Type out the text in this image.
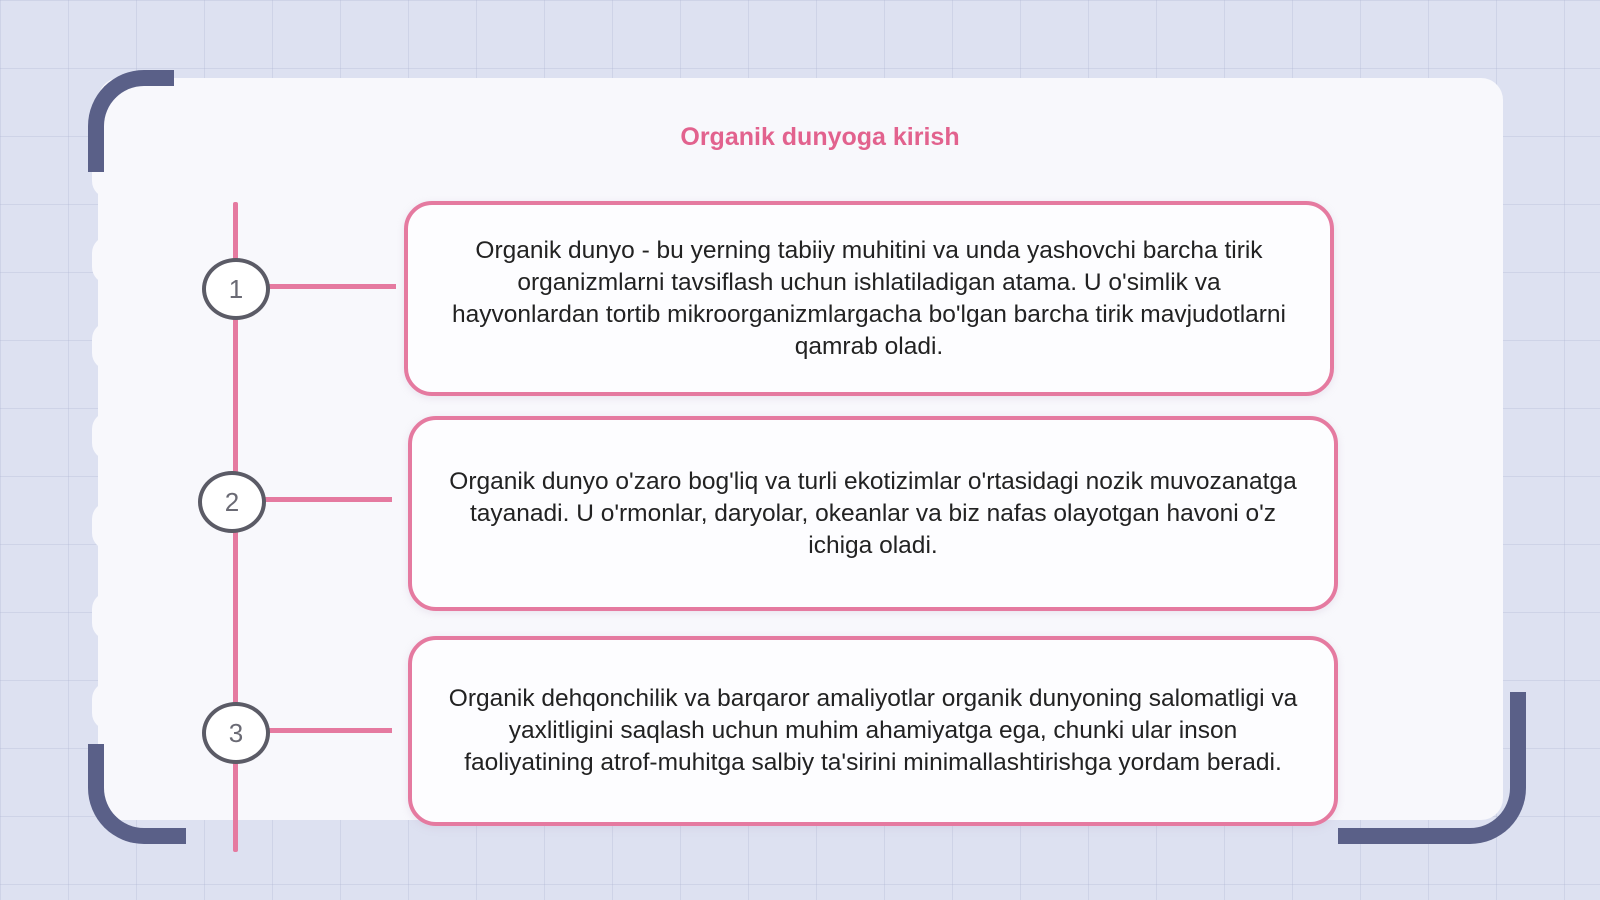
Organik dunyoga kirish
1
2
3

Organik dunyo - bu yerning tabiiy muhitini va unda yashovchi barcha tirik organizmlarni tavsiflash uchun ishlatiladigan atama. U o'simlik va hayvonlardan tortib mikroorganizmlargacha bo'lgan barcha tirik mavjudotlarni qamrab oladi.

Organik dunyo o'zaro bog'liq va turli ekotizimlar o'rtasidagi nozik muvozanatga tayanadi. U o'rmonlar, daryolar, okeanlar va biz nafas olayotgan havoni o'z ichiga oladi.

Organik dehqonchilik va barqaror amaliyotlar organik dunyoning salomatligi va yaxlitligini saqlash uchun muhim ahamiyatga ega, chunki ular inson faoliyatining atrof-muhitga salbiy ta'sirini minimallashtirishga yordam beradi.
